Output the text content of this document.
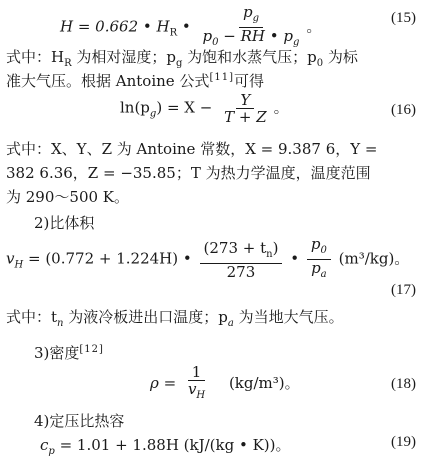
H = 0.662 • $H_R$ • $\frac{p_g}{p_0 - RH • p_g}$ 。	(15)
式中：$H_R$ 为相对湿度；$p_g$ 为饱和水蒸气压；$p_0$ 为标
准大气压。根据 Antoine 公式[11]可得
$\ln(p_g) = X - \frac{Y}{T + Z}$ 。	(16)
式中：X、Y、Z 为 Antoine 常数，X = 9.387 6，Y =
382 6.36，Z = −35.85；T 为热力学温度，温度范围
为 290～500 K。
2)比体积
$v_H = (0.772 + 1.224H)$ • $\frac{(273 + t_n)}{273}$ • $\frac{p_0}{p_a} (m^3/kg)$。
(17)
式中：$t_n$ 为液冷板进出口温度；$p_a$ 为当地大气压。
3)密度[12]
$\rho = \frac{1}{v_H} (kg/m^3)$。	(18)
4)定压比热容
$c_p = 1.01 + 1.88H$ (kJ/(kg • K))。	(19)
